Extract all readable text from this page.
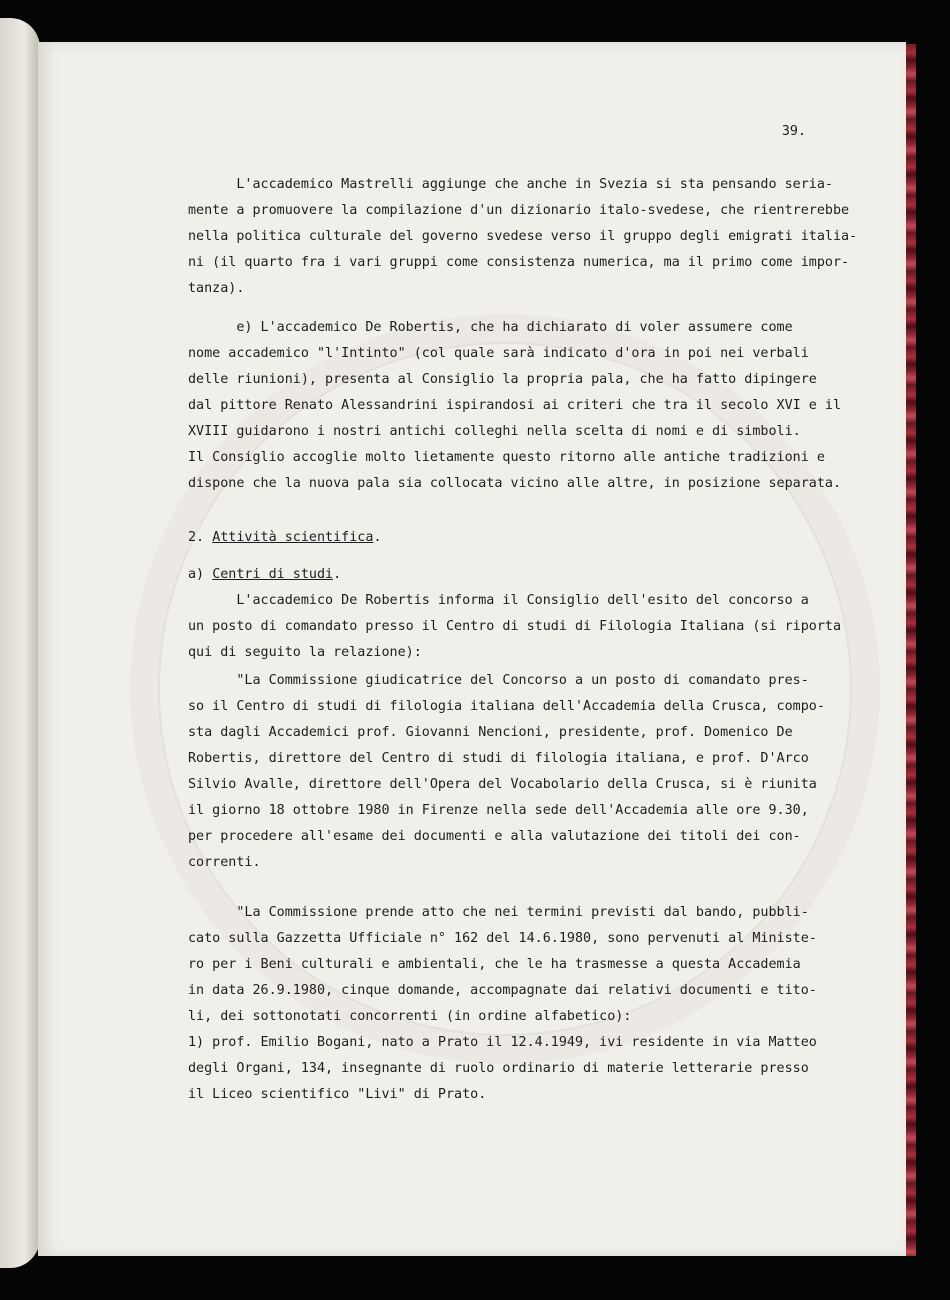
39.
L'accademico Mastrelli aggiunge che anche in Svezia si sta pensando seria-
mente a promuovere la compilazione d'un dizionario italo-svedese, che rientrerebbe
nella politica culturale del governo svedese verso il gruppo degli emigrati italia-
ni (il quarto fra i vari gruppi come consistenza numerica, ma il primo come impor-
tanza).
e) L'accademico De Robertis, che ha dichiarato di voler assumere come
nome accademico "l'Intinto" (col quale sarà indicato d'ora in poi nei verbali
delle riunioni), presenta al Consiglio la propria pala, che ha fatto dipingere
dal pittore Renato Alessandrini ispirandosi ai criteri che tra il secolo XVI e il
XVIII guidarono i nostri antichi colleghi nella scelta di nomi e di simboli.
Il Consiglio accoglie molto lietamente questo ritorno alle antiche tradizioni e
dispone che la nuova pala sia collocata vicino alle altre, in posizione separata.
2. Attività scientifica.
a) Centri di studi.
L'accademico De Robertis informa il Consiglio dell'esito del concorso a
un posto di comandato presso il Centro di studi di Filologia Italiana (si riporta
qui di seguito la relazione):
"La Commissione giudicatrice del Concorso a un posto di comandato pres-
so il Centro di studi di filologia italiana dell'Accademia della Crusca, compo-
sta dagli Accademici prof. Giovanni Nencioni, presidente, prof. Domenico De
Robertis, direttore del Centro di studi di filologia italiana, e prof. D'Arco
Silvio Avalle, direttore dell'Opera del Vocabolario della Crusca, si è riunita
il giorno 18 ottobre 1980 in Firenze nella sede dell'Accademia alle ore 9.30,
per procedere all'esame dei documenti e alla valutazione dei titoli dei con-
correnti.
"La Commissione prende atto che nei termini previsti dal bando, pubbli-
cato sulla Gazzetta Ufficiale n° 162 del 14.6.1980, sono pervenuti al Ministe-
ro per i Beni culturali e ambientali, che le ha trasmesse a questa Accademia
in data 26.9.1980, cinque domande, accompagnate dai relativi documenti e tito-
li, dei sottonotati concorrenti (in ordine alfabetico):
1) prof. Emilio Bogani, nato a Prato il 12.4.1949, ivi residente in via Matteo
degli Organi, 134, insegnante di ruolo ordinario di materie letterarie presso
il Liceo scientifico "Livi" di Prato.
